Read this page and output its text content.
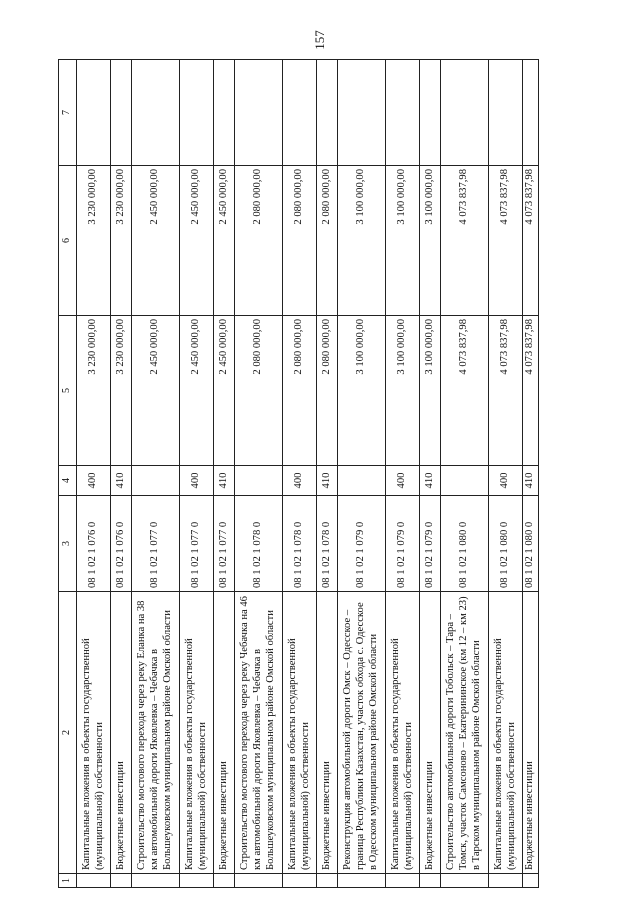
157
1	2	3	4	5	6	7
	Капитальные вложения в объекты государственной (муниципальной) собственности	08 1 02 1 076 0	400	3 230 000,00	3 230 000,00	
	Бюджетные инвестиции	08 1 02 1 076 0	410	3 230 000,00	3 230 000,00	
	Строительство мостового перехода через реку Еланка на 38 км автомобильной дороги Яковлевка – Чебачка в Большеуковском муниципальном районе Омской области	08 1 02 1 077 0		2 450 000,00	2 450 000,00	
	Капитальные вложения в объекты государственной (муниципальной) собственности	08 1 02 1 077 0	400	2 450 000,00	2 450 000,00	
	Бюджетные инвестиции	08 1 02 1 077 0	410	2 450 000,00	2 450 000,00	
	Строительство мостового перехода через реку Чебачка на 46 км автомобильной дороги Яковлевка – Чебачка в Большеуковском муниципальном районе Омской области	08 1 02 1 078 0		2 080 000,00	2 080 000,00	
	Капитальные вложения в объекты государственной (муниципальной) собственности	08 1 02 1 078 0	400	2 080 000,00	2 080 000,00	
	Бюджетные инвестиции	08 1 02 1 078 0	410	2 080 000,00	2 080 000,00	
	Реконструкция автомобильной дороги Омск – Одесское – граница Республики Казахстан, участок обхода с. Одесское в Одесском муниципальном районе Омской области	08 1 02 1 079 0		3 100 000,00	3 100 000,00	
	Капитальные вложения в объекты государственной (муниципальной) собственности	08 1 02 1 079 0	400	3 100 000,00	3 100 000,00	
	Бюджетные инвестиции	08 1 02 1 079 0	410	3 100 000,00	3 100 000,00	
	Строительство автомобильной дороги Тобольск – Тара – Томск, участок Самсоново – Екатерининское (км 12 – км 23) в Тарском муниципальном районе Омской области	08 1 02 1 080 0		4 073 837,98	4 073 837,98	
	Капитальные вложения в объекты государственной (муниципальной) собственности	08 1 02 1 080 0	400	4 073 837,98	4 073 837,98	
	Бюджетные инвестиции	08 1 02 1 080 0	410	4 073 837,98	4 073 837,98	
